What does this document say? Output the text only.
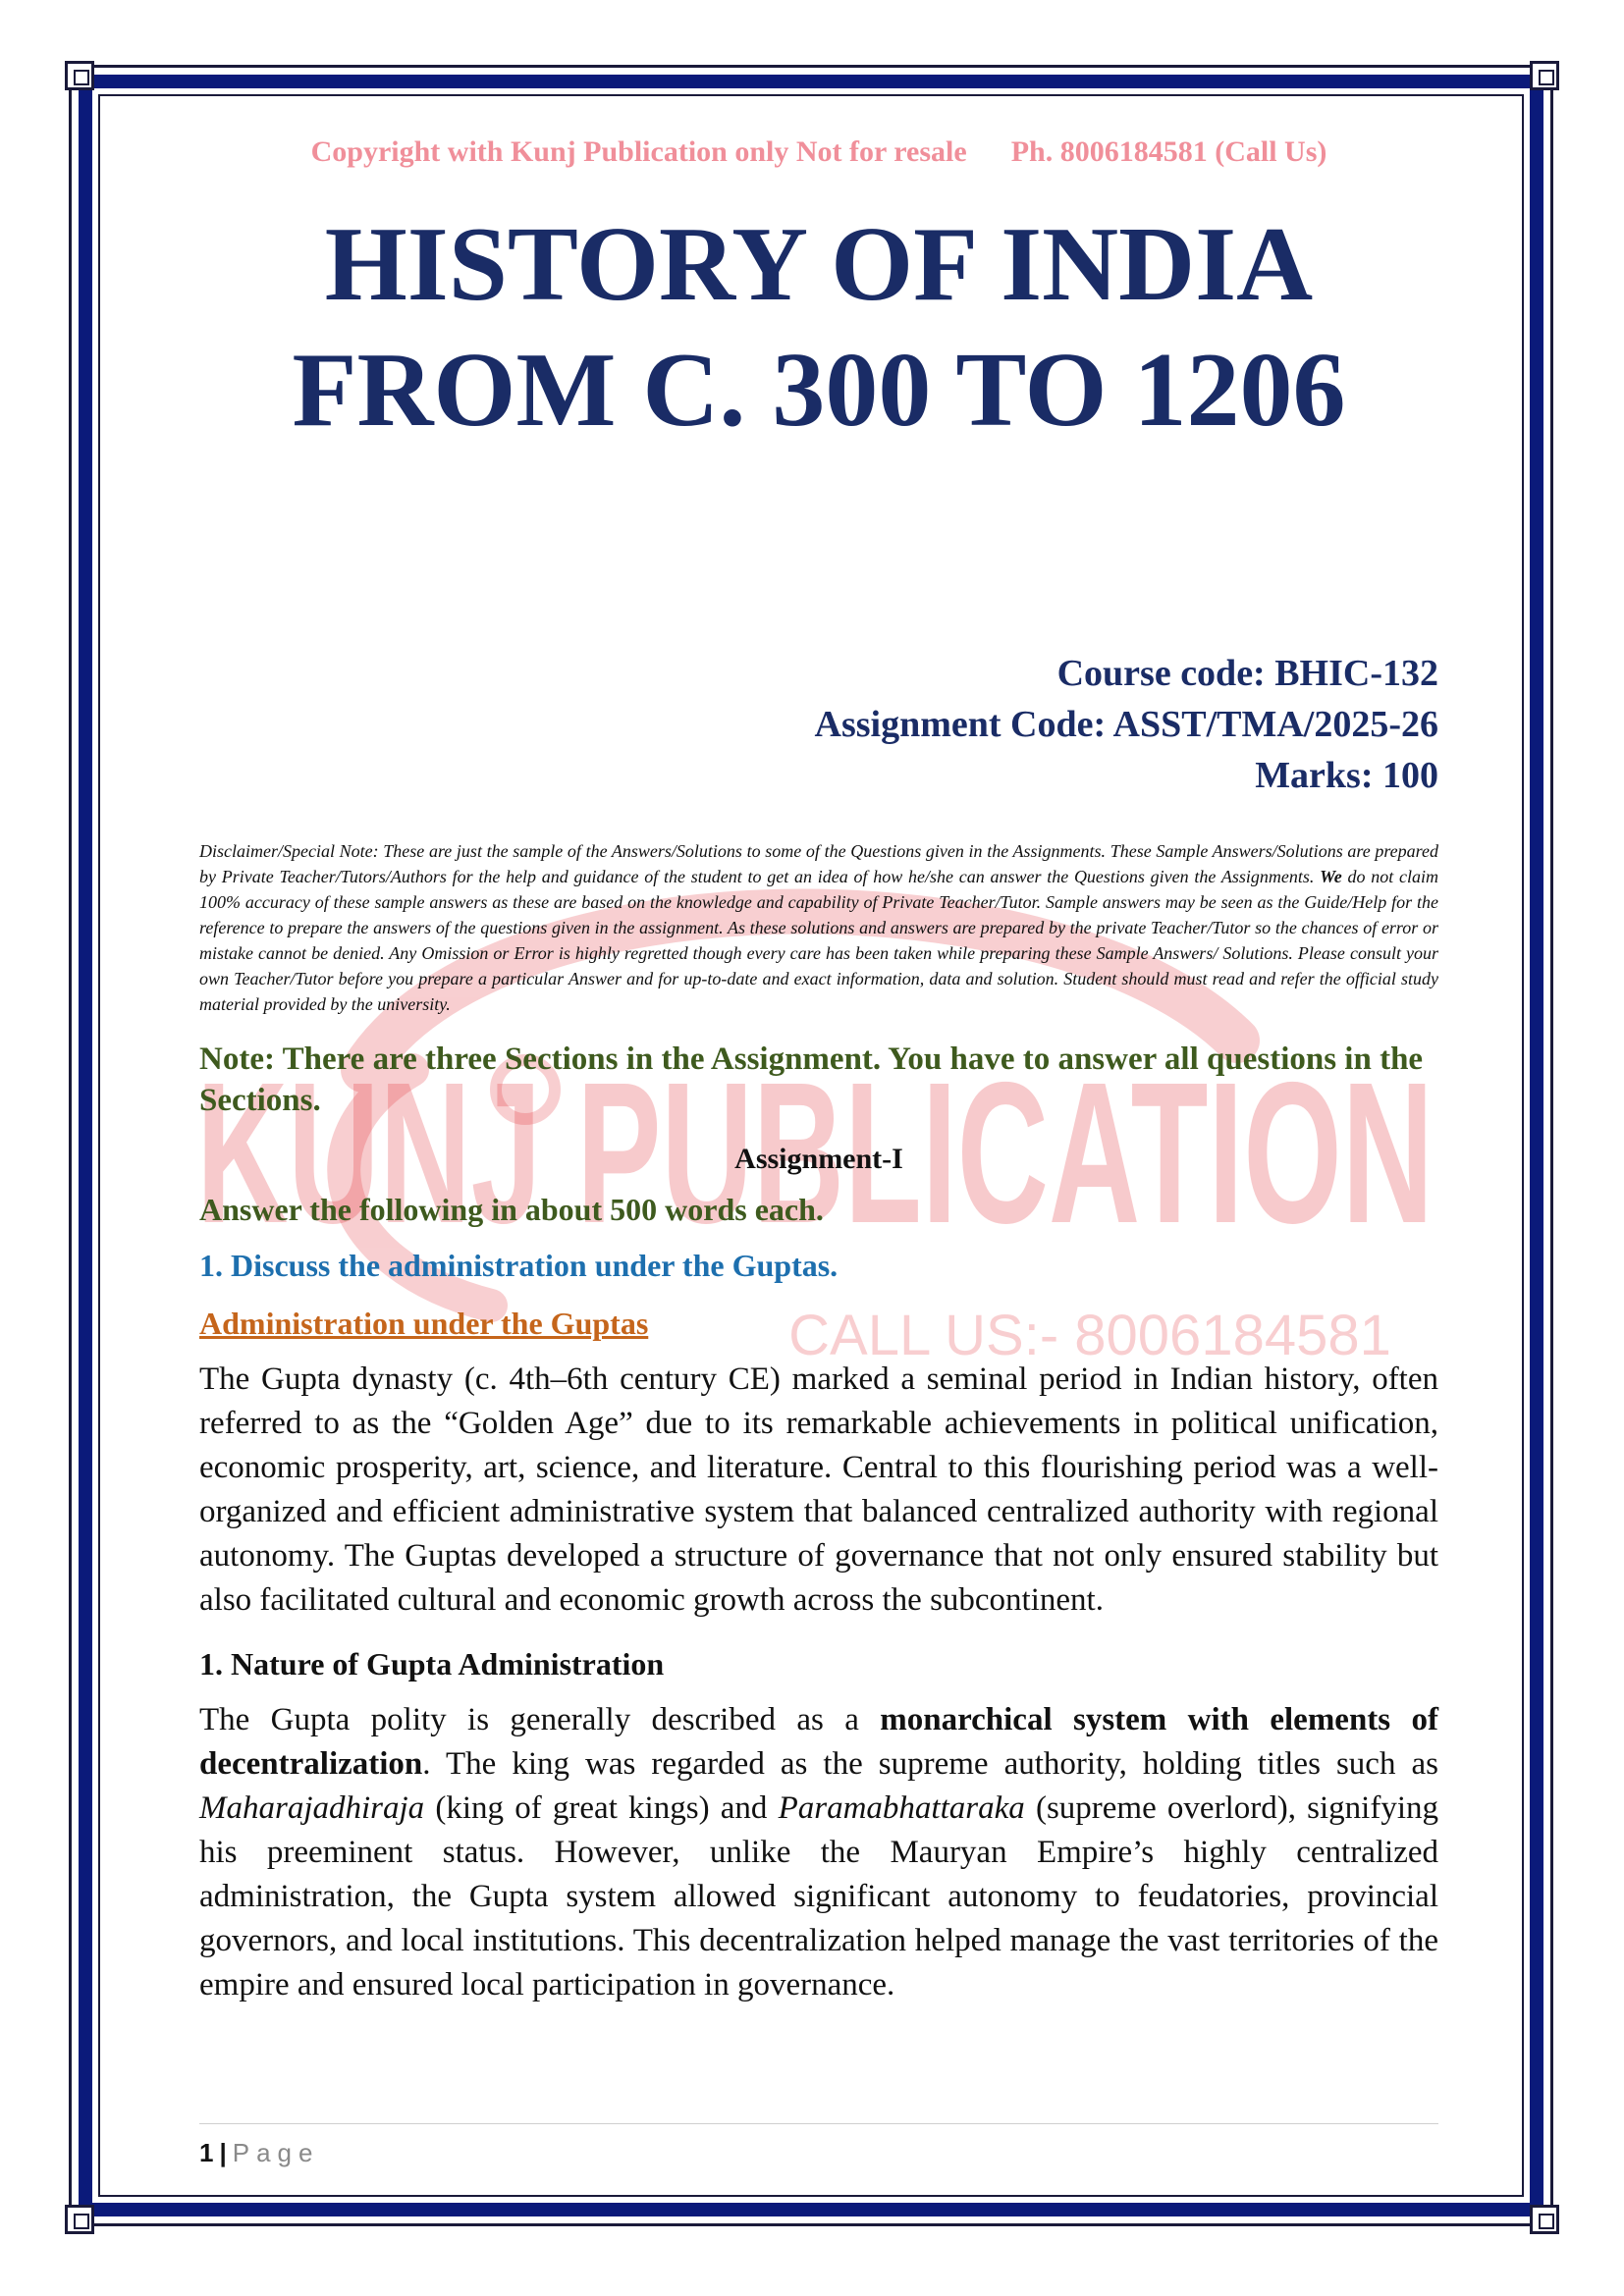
KUNJ PUBLICATION
CALL US:- 8006184581

Copyright with Kunj Publication only Not for resale      Ph. 8006184581 (Call Us)

HISTORY OF INDIA
FROM C. 300 TO 1206
Course code: BHIC-132
Assignment Code: ASST/TMA/2025-26
Marks: 100
Disclaimer/Special Note: These are just the sample of the Answers/Solutions to some of the Questions given in the Assignments. These Sample Answers/Solutions are prepared by Private Teacher/Tutors/Authors for the help and guidance of the student to get an idea of how he/she can answer the Questions given the Assignments. We do not claim 100% accuracy of these sample answers as these are based on the knowledge and capability of Private Teacher/Tutor. Sample answers may be seen as the Guide/Help for the reference to prepare the answers of the questions given in the assignment. As these solutions and answers are prepared by the private Teacher/Tutor so the chances of error or mistake cannot be denied. Any Omission or Error is highly regretted though every care has been taken while preparing these Sample Answers/ Solutions. Please consult your own Teacher/Tutor before you prepare a particular Answer and for up-to-date and exact information, data and solution. Student should must read and refer the official study material provided by the university.
Note: There are three Sections in the Assignment. You have to answer all questions in the Sections.
Assignment-I
Answer the following in about 500 words each.
1. Discuss the administration under the Guptas.
Administration under the Guptas
The Gupta dynasty (c. 4th–6th century CE) marked a seminal period in Indian history, often referred to as the “Golden Age” due to its remarkable achievements in political unification, economic prosperity, art, science, and literature. Central to this flourishing period was a well-organized and efficient administrative system that balanced centralized authority with regional autonomy. The Guptas developed a structure of governance that not only ensured stability but also facilitated cultural and economic growth across the subcontinent.
1. Nature of Gupta Administration
The Gupta polity is generally described as a monarchical system with elements of decentralization. The king was regarded as the supreme authority, holding titles such as Maharajadhiraja (king of great kings) and Paramabhattaraka (supreme overlord), signifying his preeminent status. However, unlike the Mauryan Empire’s highly centralized administration, the Gupta system allowed significant autonomy to feudatories, provincial governors, and local institutions. This decentralization helped manage the vast territories of the empire and ensured local participation in governance.
1 | Page
